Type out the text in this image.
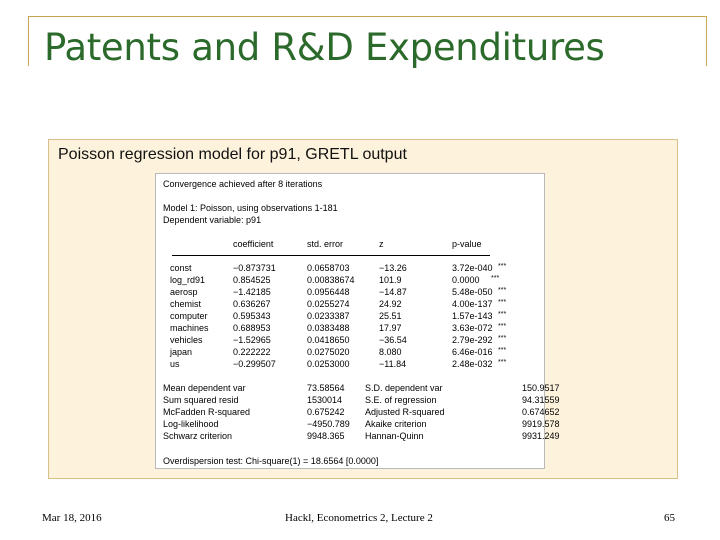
Patents and R&D Expenditures
Poisson regression model for p91, GRETL output
Convergence achieved after 8 iterations
Model 1: Poisson, using observations 1-181
Dependent variable: p91
coefficient	std. error	z	p-value
const	−0.873731	0.0658703	−13.26	3.72e-040 ***
log_rd91	0.854525	0.00838674	101.9	0.0000 ***
aerosp	−1.42185	0.0956448	−14.87	5.48e-050 ***
chemist	0.636267	0.0255274	24.92	4.00e-137 ***
computer	0.595343	0.0233387	25.51	1.57e-143 ***
machines	0.688953	0.0383488	17.97	3.63e-072 ***
vehicles	−1.52965	0.0418650	−36.54	2.79e-292 ***
japan	0.222222	0.0275020	8.080	6.46e-016 ***
us	−0.299507	0.0253000	−11.84	2.48e-032 ***
Mean dependent var	73.58564 S.D. dependent var	150.9517
Sum squared resid	1530014	S.E. of regression	94.31559
McFadden R-squared	0.675242 Adjusted R-squared	0.674652
Log-likelihood	−4950.789 Akaike criterion	9919.578
Schwarz criterion	9948.365 Hannan-Quinn	9931.249
Overdispersion test: Chi-square(1) = 18.6564 [0.0000]
Mar 18, 2016	Hackl, Econometrics 2, Lecture 2	65
